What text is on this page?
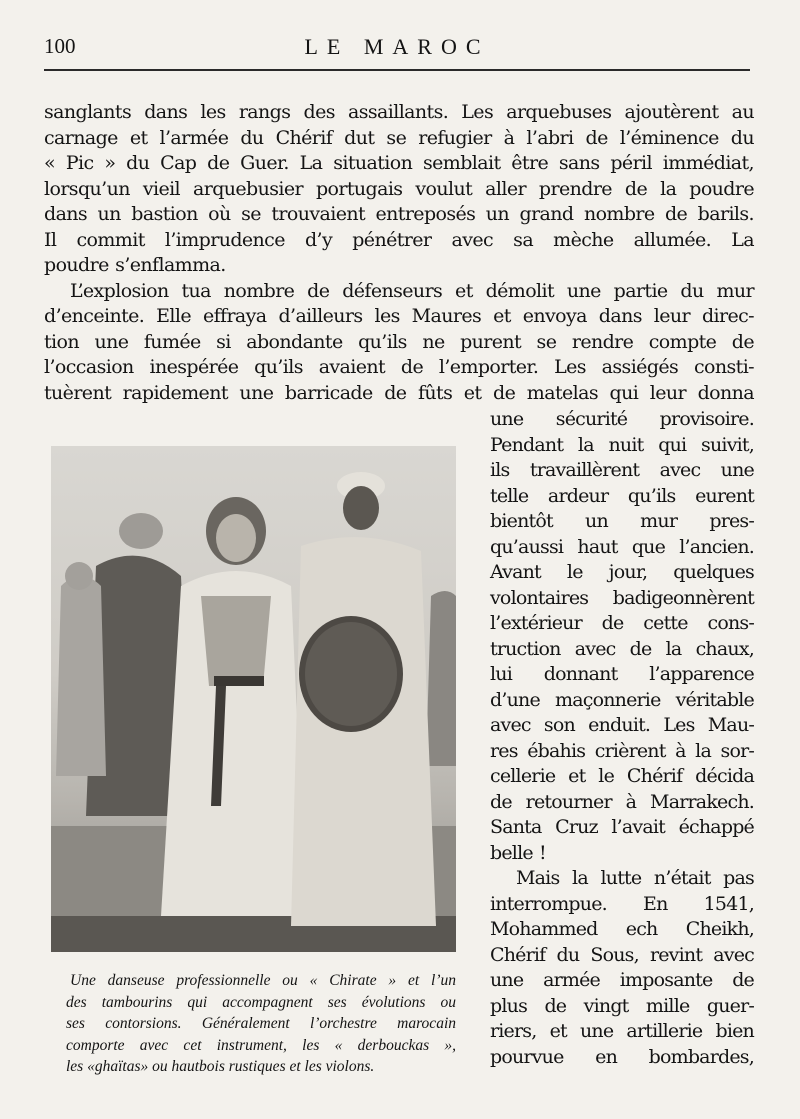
100	LE MAROC
sanglants dans les rangs des assaillants. Les arquebuses ajoutèrent au
carnage et l’armée du Chérif dut se refugier à l’abri de l’éminence du
« Pic » du Cap de Guer. La situation semblait être sans péril immédiat,
lorsqu’un vieil arquebusier portugais voulut aller prendre de la poudre
dans un bastion où se trouvaient entreposés un grand nombre de barils.
Il commit l’imprudence d’y pénétrer avec sa mèche allumée. La
poudre s’enflamma.
L’explosion tua nombre de défenseurs et démolit une partie du mur
d’enceinte. Elle effraya d’ailleurs les Maures et envoya dans leur direc-
tion une fumée si abondante qu’ils ne purent se rendre compte de
l’occasion inespérée qu’ils avaient de l’emporter. Les assiégés consti-
tuèrent rapidement une barricade de fûts et de matelas qui leur donna
une sécurité provisoire.
Pendant la nuit qui suivit,
ils travaillèrent avec une
telle ardeur qu’ils eurent
bientôt un mur pres-
qu’aussi haut que l’ancien.
Avant le jour, quelques
volontaires badigeonnèrent
l’extérieur de cette cons-
truction avec de la chaux,
lui donnant l’apparence
d’une maçonnerie véritable
avec son enduit. Les Mau-
res ébahis crièrent à la sor-
cellerie et le Chérif décida
de retourner à Marrakech.
Santa Cruz l’avait échappé
belle !
Mais la lutte n’était pas
interrompue. En 1541,
Mohammed ech Cheikh,
Chérif du Sous, revint avec
une armée imposante de
plus de vingt mille guer-
riers, et une artillerie bien
pourvue en bombardes,
Une danseuse professionnelle ou « Chirate » et l’un
des tambourins qui accompagnent ses évolutions ou
ses contorsions. Généralement l’orchestre marocain
comporte avec cet instrument, les « derbouckas »,
les «ghaïtas» ou hautbois rustiques et les violons.
